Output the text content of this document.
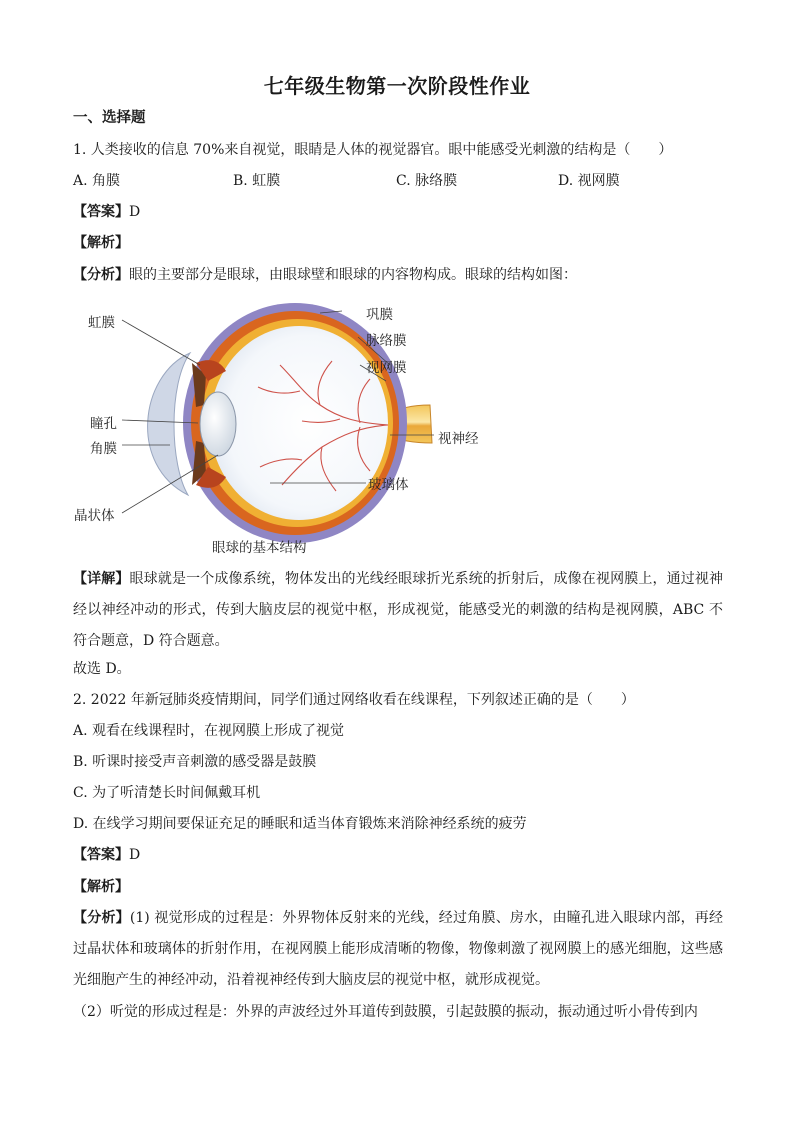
七年级生物第一次阶段性作业
一、选择题
1. 人类接收的信息 70%来自视觉，眼睛是人体的视觉器官。眼中能感受光刺激的结构是（　　）
A. 角膜	B. 虹膜	C. 脉络膜	D. 视网膜
【答案】D
【解析】
【分析】眼的主要部分是眼球，由眼球壁和眼球的内容物构成。眼球的结构如图：
虹膜
瞳孔
角膜
晶状体
巩膜
脉络膜
视网膜
视神经
玻璃体
眼球的基本结构
【详解】眼球就是一个成像系统，物体发出的光线经眼球折光系统的折射后，成像在视网膜上，通过视神经以神经冲动的形式，传到大脑皮层的视觉中枢，形成视觉，能感受光的刺激的结构是视网膜，ABC 不符合题意，D 符合题意。
故选 D。
2. 2022 年新冠肺炎疫情期间，同学们通过网络收看在线课程，下列叙述正确的是（　　）
A. 观看在线课程时，在视网膜上形成了视觉
B. 听课时接受声音刺激的感受器是鼓膜
C. 为了听清楚长时间佩戴耳机
D. 在线学习期间要保证充足的睡眠和适当体育锻炼来消除神经系统的疲劳
【答案】D
【解析】
【分析】(1) 视觉形成的过程是：外界物体反射来的光线，经过角膜、房水，由瞳孔进入眼球内部，再经过晶状体和玻璃体的折射作用，在视网膜上能形成清晰的物像，物像刺激了视网膜上的感光细胞，这些感光细胞产生的神经冲动，沿着视神经传到大脑皮层的视觉中枢，就形成视觉。
（2）听觉的形成过程是：外界的声波经过外耳道传到鼓膜，引起鼓膜的振动，振动通过听小骨传到内
